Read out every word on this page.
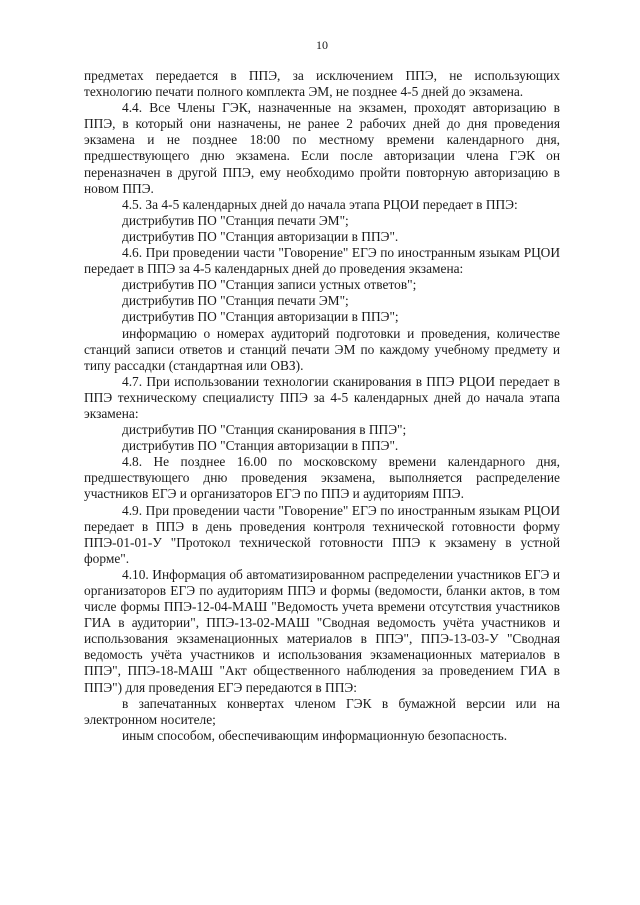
10

предметах передается в ППЭ, за исключением ППЭ, не использующих технологию печати полного комплекта ЭМ, не позднее 4-5 дней до экзамена.

4.4. Все Члены ГЭК, назначенные на экзамен, проходят авторизацию в ППЭ, в который они назначены, не ранее 2 рабочих дней до дня проведения экзамена и не позднее 18:00 по местному времени календарного дня, предшествующего дню экзамена. Если после авторизации члена ГЭК он переназначен в другой ППЭ, ему необходимо пройти повторную авторизацию в новом ППЭ.

4.5. За 4-5 календарных дней до начала этапа РЦОИ передает в ППЭ:

дистрибутив ПО "Станция печати ЭМ";

дистрибутив ПО "Станция авторизации в ППЭ".

4.6. При проведении части "Говорение" ЕГЭ по иностранным языкам РЦОИ передает в ППЭ за 4-5 календарных дней до проведения экзамена:

дистрибутив ПО "Станция записи устных ответов";

дистрибутив ПО "Станция печати ЭМ";

дистрибутив ПО "Станция авторизации в ППЭ";

информацию о номерах аудиторий подготовки и проведения, количестве станций записи ответов и станций печати ЭМ по каждому учебному предмету и типу рассадки (стандартная или ОВЗ).

4.7. При использовании технологии сканирования в ППЭ РЦОИ передает в ППЭ техническому специалисту ППЭ за 4-5 календарных дней до начала этапа экзамена:

дистрибутив ПО "Станция сканирования в ППЭ";

дистрибутив ПО "Станция авторизации в ППЭ".

4.8. Не позднее 16.00 по московскому времени календарного дня, предшествующего дню проведения экзамена, выполняется распределение участников ЕГЭ и организаторов ЕГЭ по ППЭ и аудиториям ППЭ.

4.9. При проведении части "Говорение" ЕГЭ по иностранным языкам РЦОИ передает в ППЭ в день проведения контроля технической готовности форму ППЭ-01-01-У "Протокол технической готовности ППЭ к экзамену в устной форме".

4.10. Информация об автоматизированном распределении участников ЕГЭ и организаторов ЕГЭ по аудиториям ППЭ и формы (ведомости, бланки актов, в том числе формы ППЭ-12-04-МАШ "Ведомость учета времени отсутствия участников ГИА в аудитории", ППЭ-13-02-МАШ "Сводная ведомость учёта участников и использования экзаменационных материалов в ППЭ", ППЭ-13-03-У "Сводная ведомость учёта участников и использования экзаменационных материалов в ППЭ", ППЭ-18-МАШ "Акт общественного наблюдения за проведением ГИА в ППЭ") для проведения ЕГЭ передаются в ППЭ:

в запечатанных конвертах членом ГЭК в бумажной версии или на электронном носителе;

иным способом, обеспечивающим информационную безопасность.
